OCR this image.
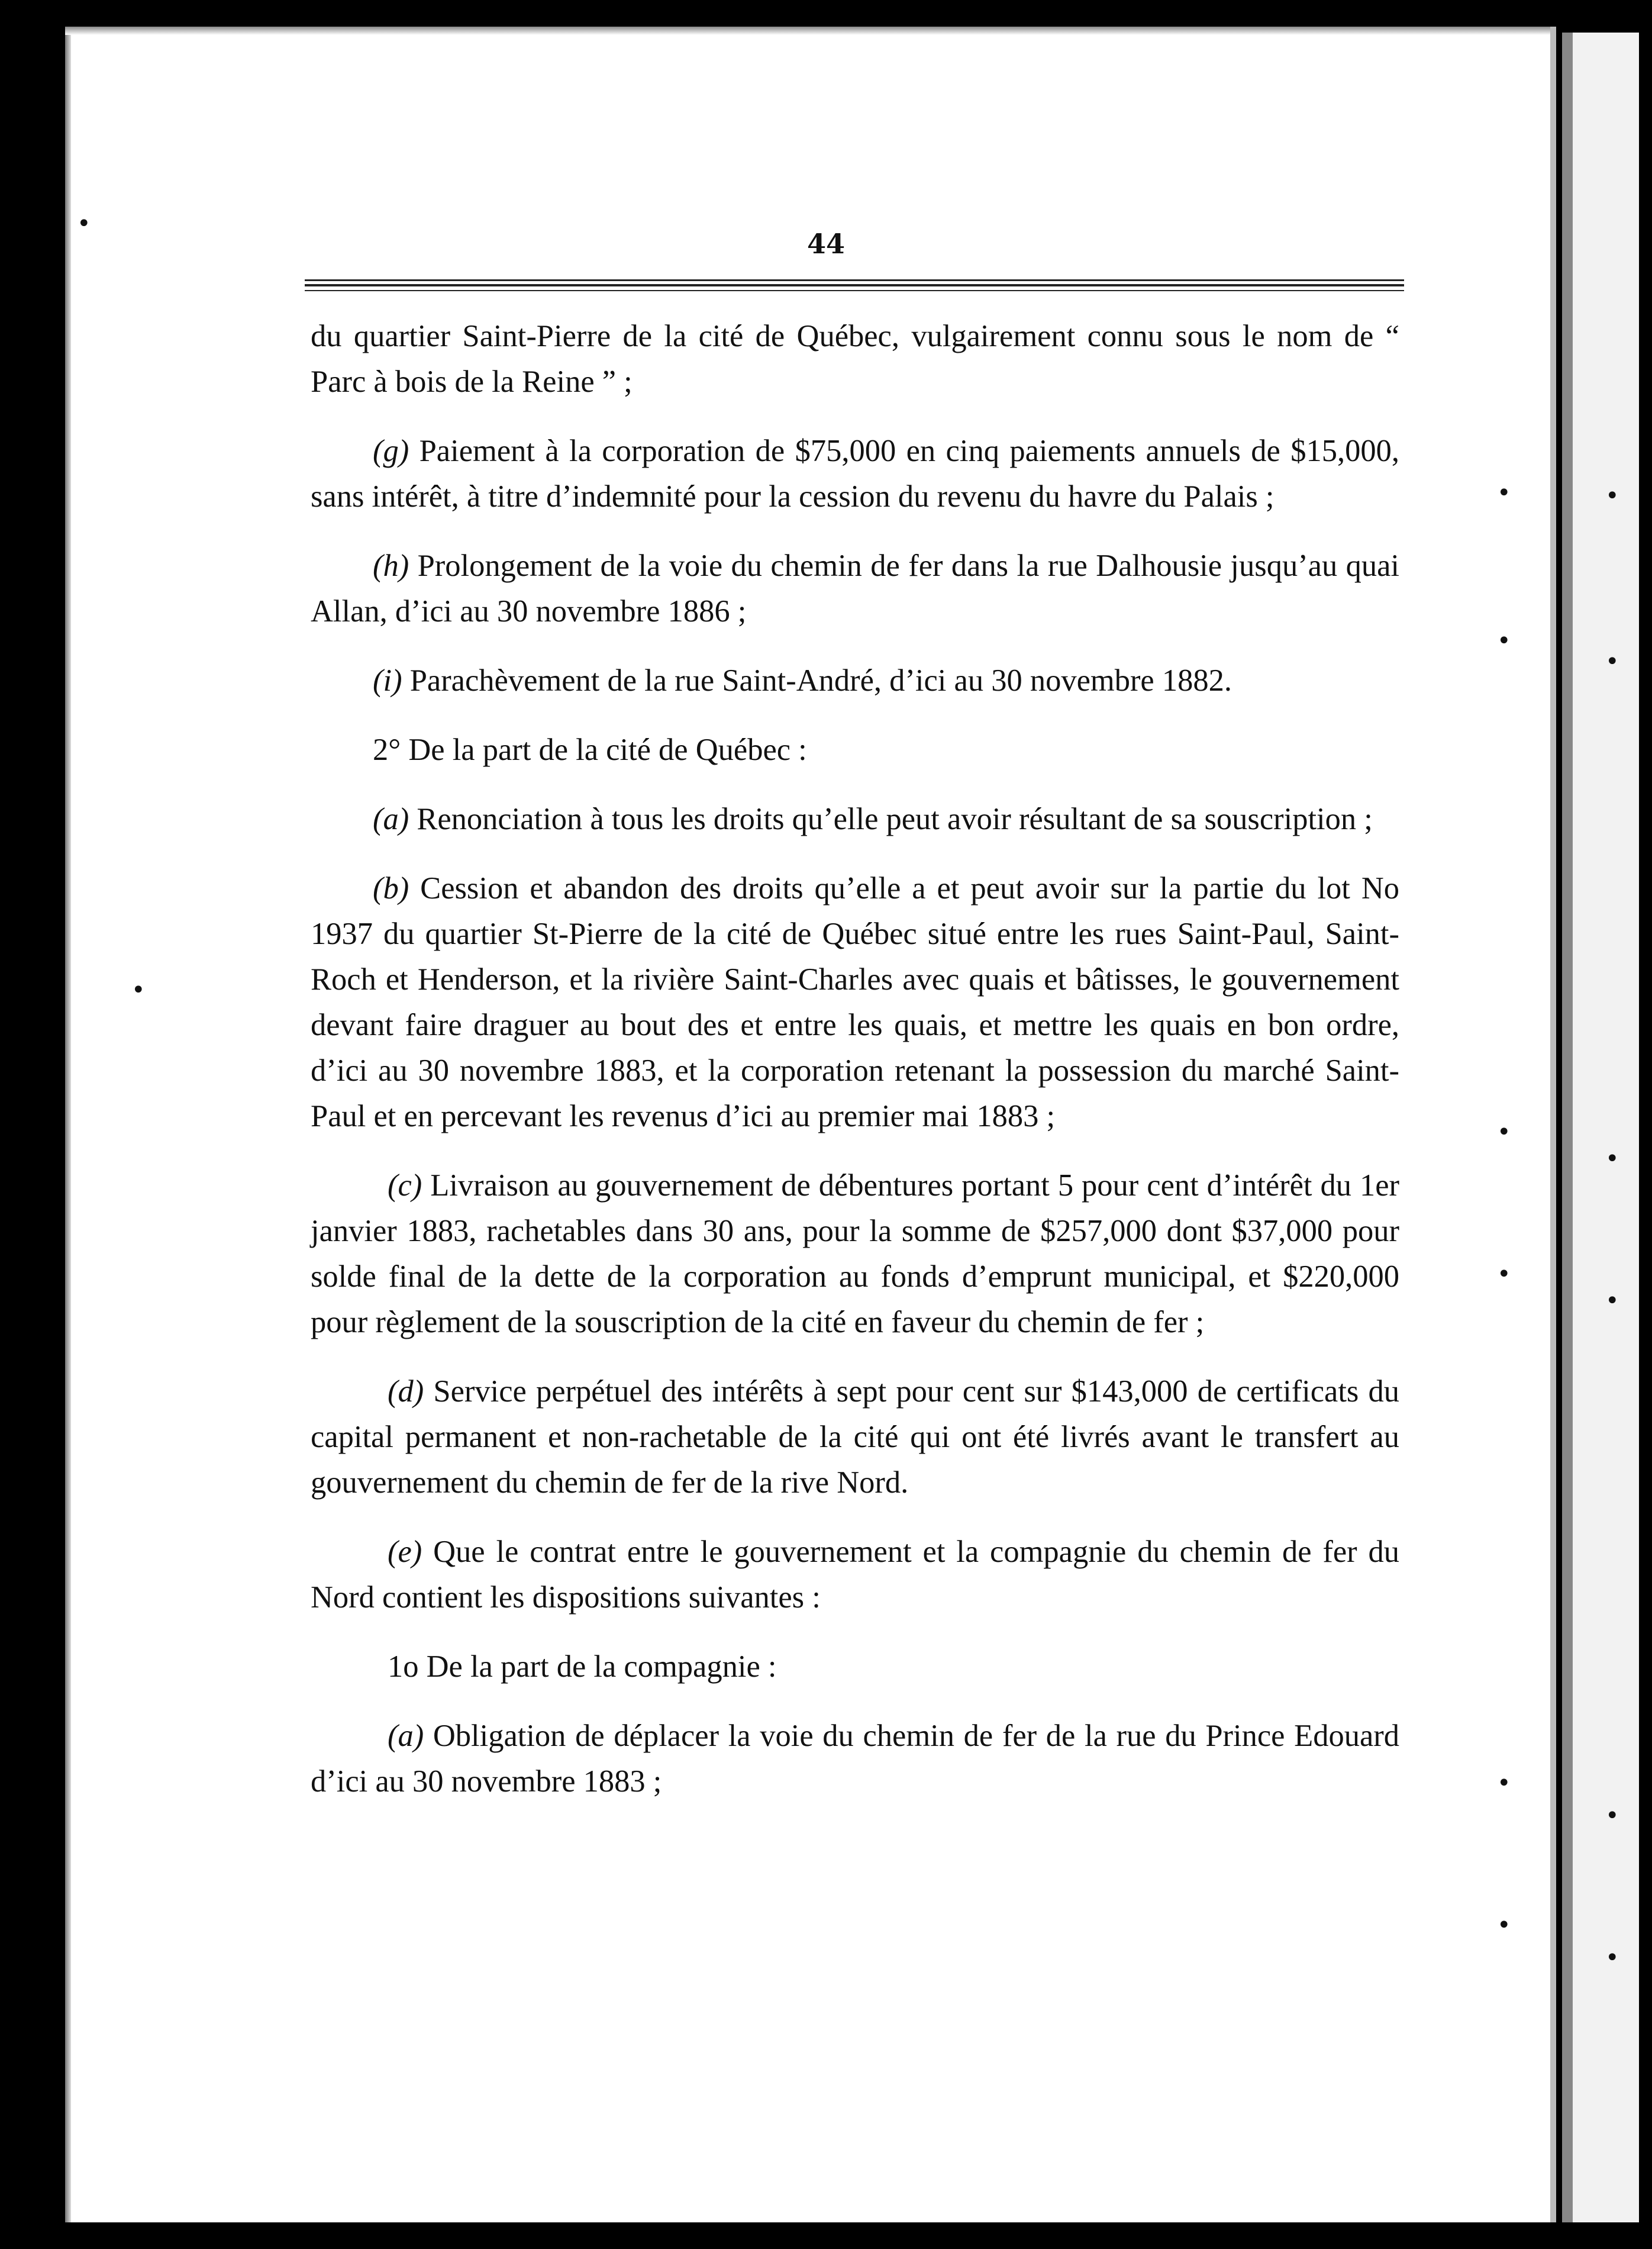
•
•
•
•
•
•
•
•
•
•
•
•
•
•
44

du quartier Saint-Pierre de la cité de Québec, vulgairement connu sous le nom de “ Parc à bois de la Reine ” ;

(g) Paiement à la corporation de $75,000 en cinq paiements annuels de $15,000, sans intérêt, à titre d’indemnité pour la cession du revenu du havre du Palais ;

(h) Prolongement de la voie du chemin de fer dans la rue Dalhousie jusqu’au quai Allan, d’ici au 30 novembre 1886 ;

(i) Parachèvement de la rue Saint-André, d’ici au 30 novembre 1882.

2° De la part de la cité de Québec :

(a) Renonciation à tous les droits qu’elle peut avoir résultant de sa souscription ;

(b) Cession et abandon des droits qu’elle a et peut avoir sur la partie du lot No 1937 du quartier St-Pierre de la cité de Québec situé entre les rues Saint-Paul, Saint-Roch et Henderson, et la rivière Saint-Charles avec quais et bâtisses, le gouvernement devant faire draguer au bout des et entre les quais, et mettre les quais en bon ordre, d’ici au 30 novembre 1883, et la corporation retenant la possession du marché Saint-Paul et en percevant les revenus d’ici au premier mai 1883 ;

(c) Livraison au gouvernement de débentures portant 5 pour cent d’intérêt du 1er janvier 1883, rachetables dans 30 ans, pour la somme de $257,000 dont $37,000 pour solde final de la dette de la corporation au fonds d’emprunt municipal, et $220,000 pour règlement de la souscription de la cité en faveur du chemin de fer ;

(d) Service perpétuel des intérêts à sept pour cent sur $143,000 de certificats du capital permanent et non-rachetable de la cité qui ont été livrés avant le transfert au gouvernement du chemin de fer de la rive Nord.

(e) Que le contrat entre le gouvernement et la compagnie du chemin de fer du Nord contient les dispositions suivantes :

1o De la part de la compagnie :

(a) Obligation de déplacer la voie du chemin de fer de la rue du Prince Edouard d’ici au 30 novembre 1883 ;
